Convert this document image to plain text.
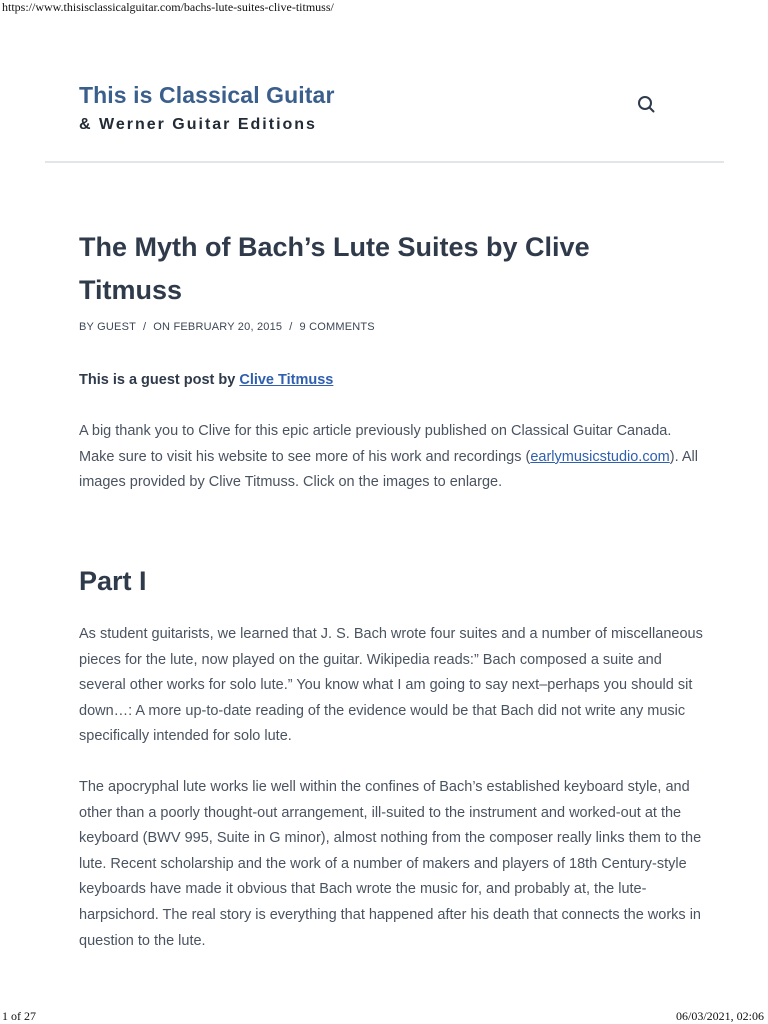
https://www.thisisclassicalguitar.com/bachs-lute-suites-clive-titmuss/
This is Classical Guitar
& Werner Guitar Editions
The Myth of Bach’s Lute Suites by Clive Titmuss
BY GUEST / ON FEBRUARY 20, 2015 / 9 COMMENTS
This is a guest post by Clive Titmuss

A big thank you to Clive for this epic article previously published on Classical Guitar Canada. Make sure to visit his website to see more of his work and recordings (earlymusicstudio.com). All images provided by Clive Titmuss. Click on the images to enlarge.

Part I

As student guitarists, we learned that J. S. Bach wrote four suites and a number of miscellaneous pieces for the lute, now played on the guitar. Wikipedia reads:” Bach composed a suite and several other works for solo lute.” You know what I am going to say next–perhaps you should sit down…: A more up-to-date reading of the evidence would be that Bach did not write any music specifically intended for solo lute.

The apocryphal lute works lie well within the confines of Bach’s established keyboard style, and other than a poorly thought-out arrangement, ill-suited to the instrument and worked-out at the keyboard (BWV 995, Suite in G minor), almost nothing from the composer really links them to the lute. Recent scholarship and the work of a number of makers and players of 18th Century-style keyboards have made it obvious that Bach wrote the music for, and probably at, the lute-harpsichord. The real story is everything that happened after his death that connects the works in question to the lute.

1 of 27	06/03/2021, 02:06
